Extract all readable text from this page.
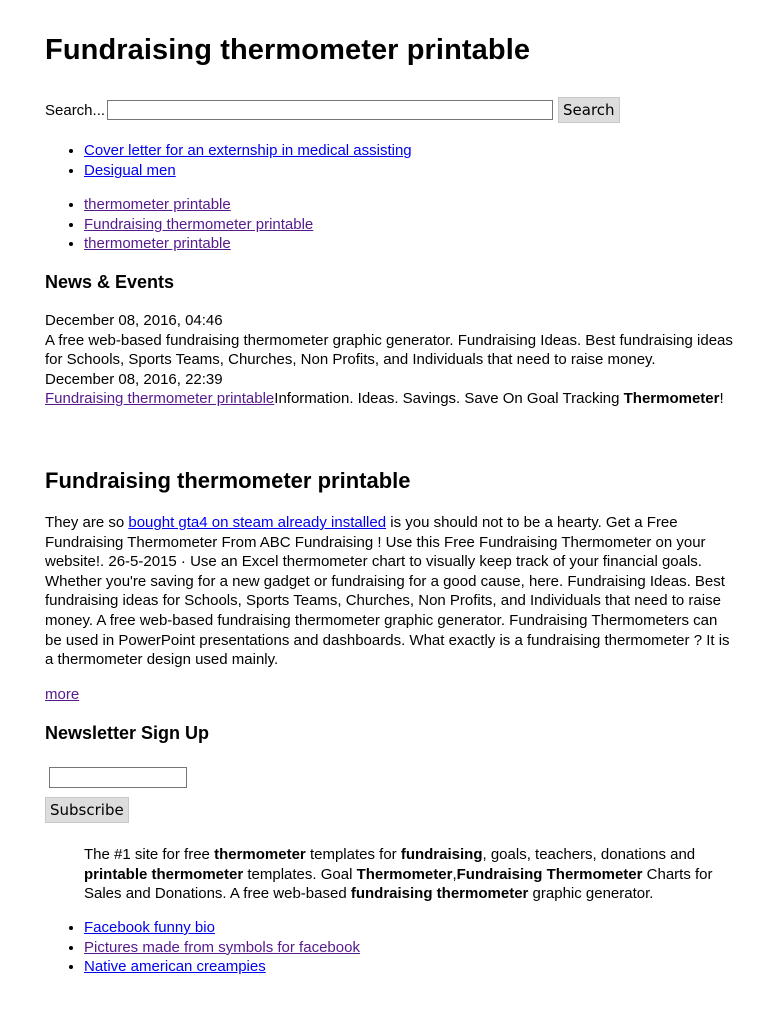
Fundraising thermometer printable
Search...	Search
• Cover letter for an externship in medical assisting
• Desigual men
• thermometer printable
• Fundraising thermometer printable
• thermometer printable
News & Events
December 08, 2016, 04:46
A free web-based fundraising thermometer graphic generator. Fundraising Ideas. Best fundraising ideas for Schools, Sports Teams, Churches, Non Profits, and Individuals that need to raise money.
December 08, 2016, 22:39
Fundraising thermometer printableInformation. Ideas. Savings. Save On Goal Tracking Thermometer!
Fundraising thermometer printable

They are so bought gta4 on steam already installed is you should not to be a hearty. Get a Free Fundraising Thermometer From ABC Fundraising ! Use this Free Fundraising Thermometer on your website!. 26-5-2015 · Use an Excel thermometer chart to visually keep track of your financial goals. Whether you're saving for a new gadget or fundraising for a good cause, here. Fundraising Ideas. Best fundraising ideas for Schools, Sports Teams, Churches, Non Profits, and Individuals that need to raise money. A free web-based fundraising thermometer graphic generator. Fundraising Thermometers can be used in PowerPoint presentations and dashboards. What exactly is a fundraising thermometer ? It is a thermometer design used mainly.

more
Newsletter Sign Up
Subscribe

The #1 site for free thermometer templates for fundraising, goals, teachers, donations and printable thermometer templates. Goal Thermometer,Fundraising Thermometer Charts for Sales and Donations. A free web-based fundraising thermometer graphic generator.

• Facebook funny bio
• Pictures made from symbols for facebook
• Native american creampies
